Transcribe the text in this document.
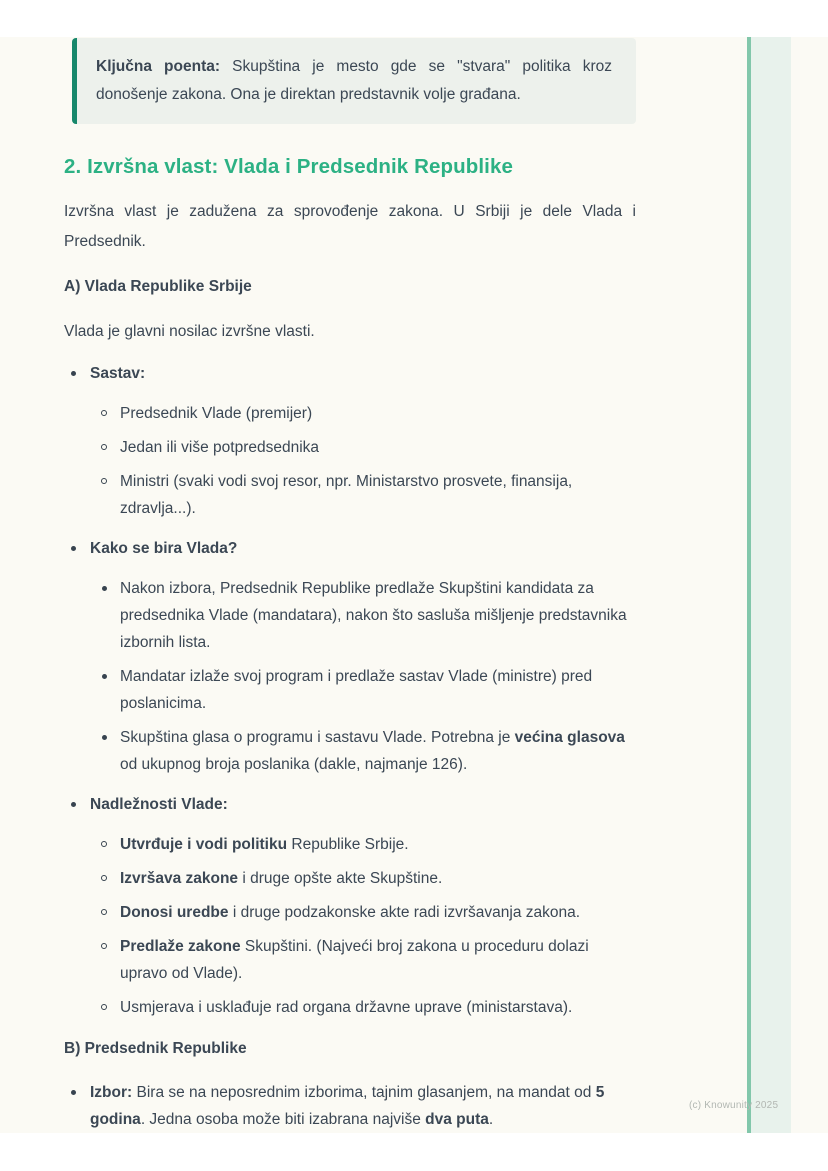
Ključna poenta: Skupština je mesto gde se "stvara" politika kroz donošenje zakona. Ona je direktan predstavnik volje građana.

2. Izvršna vlast: Vlada i Predsednik Republike

Izvršna vlast je zadužena za sprovođenje zakona. U Srbiji je dele Vlada i Predsednik.

A) Vlada Republike Srbije

Vlada je glavni nosilac izvršne vlasti.

Sastav:
Predsednik Vlade (premijer)
Jedan ili više potpredsednika
Ministri (svaki vodi svoj resor, npr. Ministarstvo prosvete, finansija, zdravlja...).
Kako se bira Vlada?
Nakon izbora, Predsednik Republike predlaže Skupštini kandidata za predsednika Vlade (mandatara), nakon što sasluša mišljenje predstavnika izbornih lista.
Mandatar izlaže svoj program i predlaže sastav Vlade (ministre) pred poslanicima.
Skupština glasa o programu i sastavu Vlade. Potrebna je većina glasova od ukupnog broja poslanika (dakle, najmanje 126).
Nadležnosti Vlade:
Utvrđuje i vodi politiku Republike Srbije.
Izvršava zakone i druge opšte akte Skupštine.
Donosi uredbe i druge podzakonske akte radi izvršavanja zakona.
Predlaže zakone Skupštini. (Najveći broj zakona u proceduru dolazi upravo od Vlade).
Usmjerava i usklađuje rad organa državne uprave (ministarstava).

B) Predsednik Republike

Izbor: Bira se na neposrednim izborima, tajnim glasanjem, na mandat od 5 godina. Jedna osoba može biti izabrana najviše dva puta.
(c) Knowunity 2025
